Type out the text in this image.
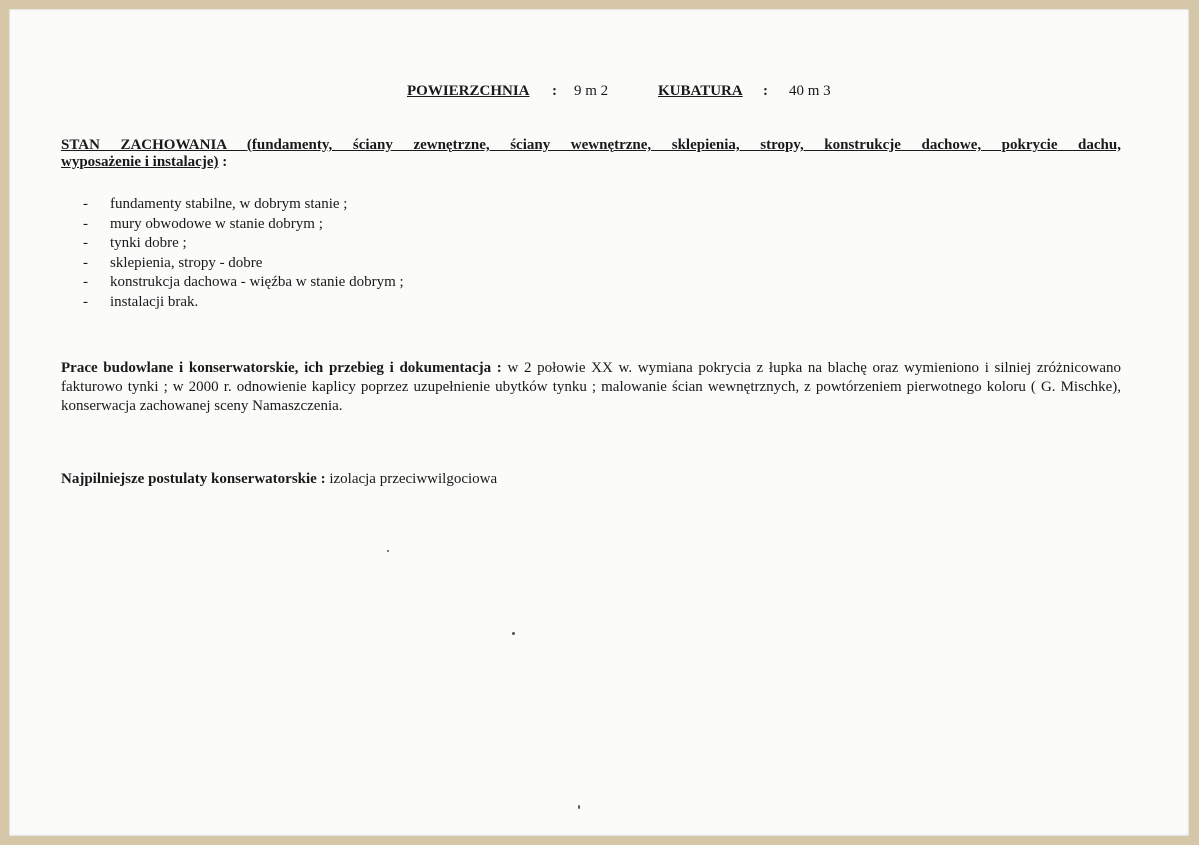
POWIERZCHNIA : 9 m 2	KUBATURA : 40 m 3
STAN ZACHOWANIA (fundamenty, ściany zewnętrzne, ściany wewnętrzne, sklepienia, stropy, konstrukcje dachowe, pokrycie dachu,
wyposażenie i instalacje) :
- fundamenty stabilne, w dobrym stanie ;
- mury obwodowe w stanie dobrym ;
- tynki dobre ;
- sklepienia, stropy - dobre
- konstrukcja dachowa - więźba w stanie dobrym ;
- instalacji brak.
Prace budowlane i konserwatorskie, ich przebieg i dokumentacja : w 2 połowie XX w. wymiana pokrycia z łupka na blachę oraz wymieniono i silniej zróżnicowano fakturowo tynki ; w 2000 r. odnowienie kaplicy poprzez uzupełnienie ubytków tynku ; malowanie ścian wewnętrznych, z powtórzeniem pierwotnego koloru ( G. Mischke), konserwacja zachowanej sceny Namaszczenia.
Najpilniejsze postulaty konserwatorskie : izolacja przeciwwilgociowa
